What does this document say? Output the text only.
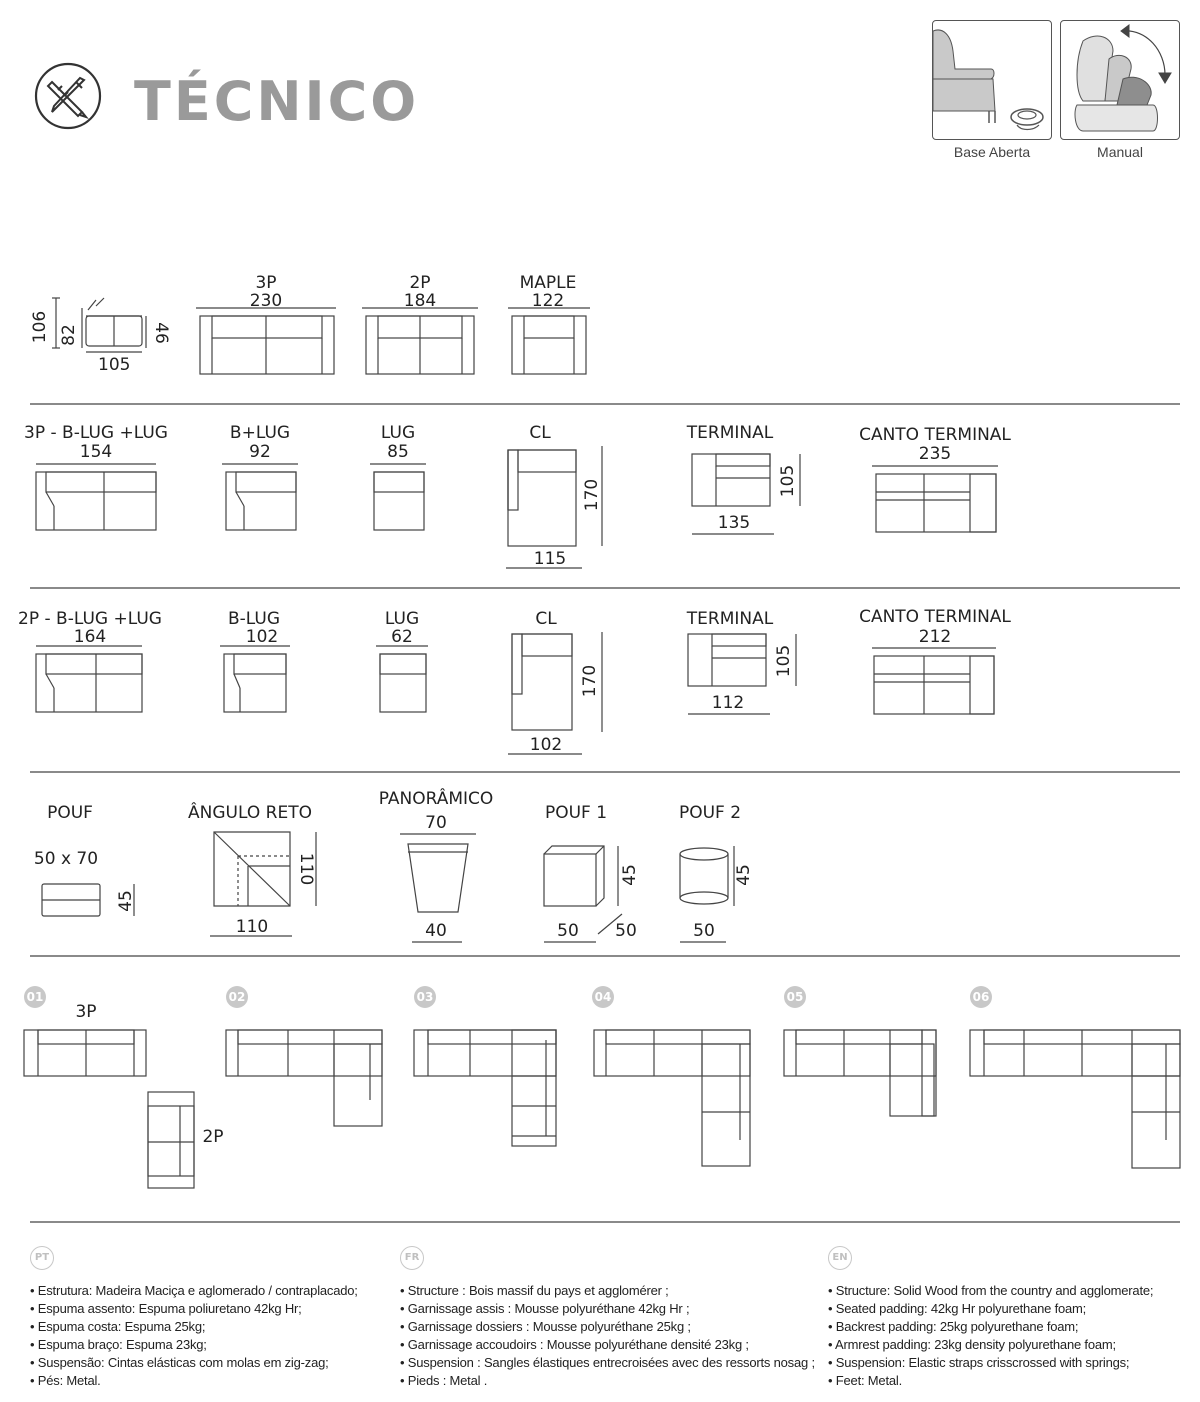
TÉCNICO
Base Aberta	Manual
106 82	46
105
3P
230
2P
184
MAPLE
122
3P - B-LUG +LUG
154
B+LUG
92
LUG
85
CL
170
115
TERMINAL
105
135
CANTO TERMINAL
235
2P - B-LUG +LUG
164
B-LUG
102
LUG
62
CL
170
102
TERMINAL
105
112
CANTO TERMINAL
212
POUF
50 x 70
45
ÂNGULO RETO
110
110
PANORÂMICO
70
40
POUF 1
45
50	50
POUF 2
45
50
01	02	03	04	05	06
3P
2P
PT
• Estrutura: Madeira Maciça e aglomerado / contraplacado;
• Espuma assento: Espuma poliuretano 42kg Hr;
• Espuma costa: Espuma 25kg;
• Espuma braço: Espuma 23kg;
• Suspensão: Cintas elásticas com molas em zig-zag;
• Pés: Metal.
FR
• Structure : Bois massif du pays et agglomérer ;
• Garnissage assis : Mousse polyuréthane 42kg Hr ;
• Garnissage dossiers : Mousse polyuréthane 25kg ;
• Garnissage accoudoirs : Mousse polyuréthane densité 23kg ;
• Suspension : Sangles élastiques entrecroisées avec des ressorts nosag ;
• Pieds : Metal .
EN
• Structure: Solid Wood from the country and agglomerate;
• Seated padding: 42kg Hr polyurethane foam;
• Backrest padding: 25kg polyurethane foam;
• Armrest padding: 23kg density polyurethane foam;
• Suspension: Elastic straps crisscrossed with springs;
• Feet: Metal.
